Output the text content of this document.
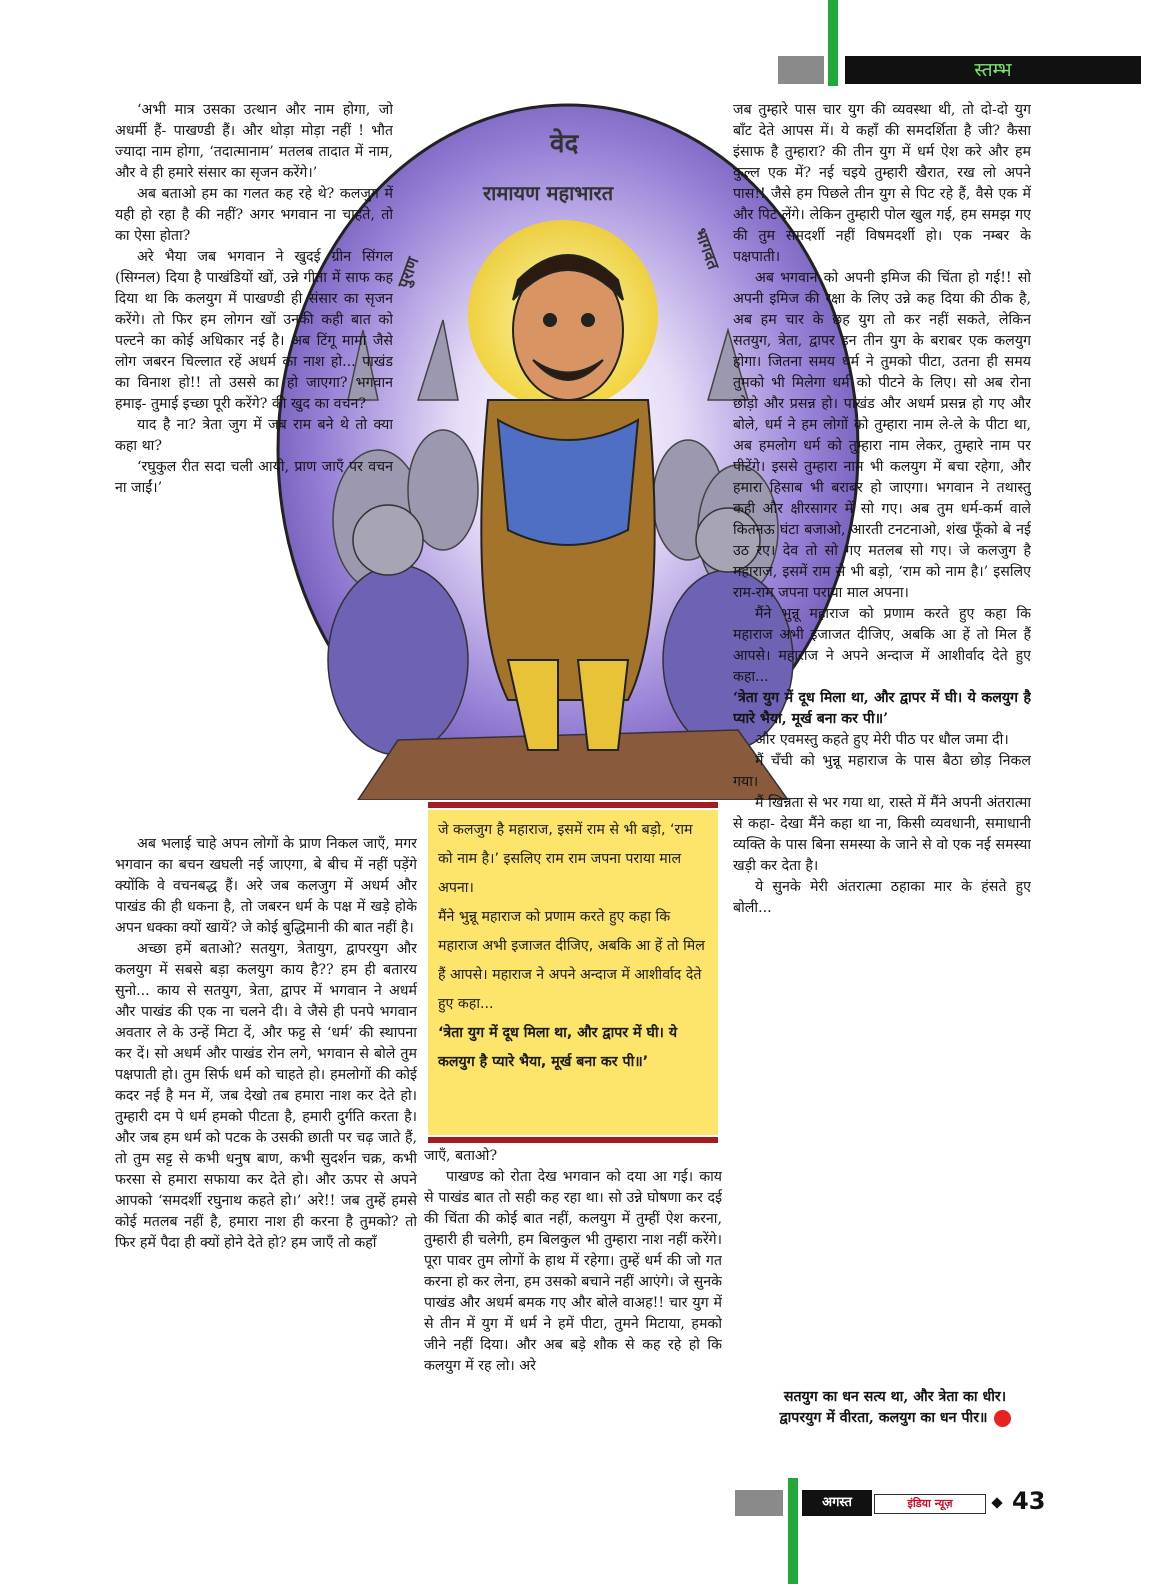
स्तम्भ
अगस्त 2017
इंडिया न्यूज़	43
वेद
रामायण महाभारत
पुराण
भागवत

‘अभी मात्र उसका उत्थान और नाम होगा, जो अधर्मी हैं- पाखण्डी हैं। और थोड़ा मोड़ा नहीं ! भौत ज्यादा नाम होगा, ‘तदात्मानाम’ मतलब तादात में नाम, और वे ही हमारे संसार का सृजन करेंगे।’

अब बताओ हम का गलत कह रहे थे? कलजुग में यही हो रहा है की नहीं? अगर भगवान ना चाहते, तो का ऐसा होता?

अरे भैया जब भगवान ने खुदई ग्रीन सिंगल (सिग्नल) दिया है पाखंडियों खों, उन्ने गीता में साफ कह दिया था कि कलयुग में पाखण्डी ही संसार का सृजन करेंगे। तो फिर हम लोगन खों उनकी कही बात को पल्टने का कोई अधिकार नई है। अब टिंगू मामा जैसे लोग जबरन चिल्लात रहें अधर्म का नाश हो... पाखंड का विनाश हो!! तो उससे का हो जाएगा? भगवान हमाइ- तुमाई इच्छा पूरी करेंगे? की खुद का वचन?

याद है ना? त्रेता जुग में जब राम बने थे तो क्या कहा था?

‘रघुकुल रीत सदा चली आयी, प्राण जाएँ पर वचन ना जाईं।’

अब भलाई चाहे अपन लोगों के प्राण निकल जाएँ, मगर भगवान का बचन खघली नई जाएगा, बे बीच में नहीं पड़ेंगे क्योंकि वे वचनबद्ध हैं। अरे जब कलजुग में अधर्म और पाखंड की ही धकना है, तो जबरन धर्म के पक्ष में खड़े होके अपन धक्का क्यों खायें? जे कोई बुद्धिमानी की बात नहीं है।

अच्छा हमें बताओ? सतयुग, त्रेतायुग, द्वापरयुग और कलयुग में सबसे बड़ा कलयुग काय है?? हम ही बतारय सुनो... काय से सतयुग, त्रेता, द्वापर में भगवान ने अधर्म और पाखंड की एक ना चलने दी। वे जैसे ही पनपे भगवान अवतार ले के उन्हें मिटा दें, और फट्ट से ‘धर्म’ की स्थापना कर दें। सो अधर्म और पाखंड रोन लगे, भगवान से बोले तुम पक्षपाती हो। तुम सिर्फ धर्म को चाहते हो। हमलोगों की कोई कदर नई है मन में, जब देखो तब हमारा नाश कर देते हो। तुम्हारी दम पे धर्म हमको पीटता है, हमारी दुर्गति करता है। और जब हम धर्म को पटक के उसकी छाती पर चढ़ जाते हैं, तो तुम सट्ट से कभी धनुष बाण, कभी सुदर्शन चक्र, कभी फरसा से हमारा सफाया कर देते हो। और ऊपर से अपने आपको ‘समदर्शी रघुनाथ कहते हो।’ अरे!! जब तुम्हें हमसे कोई मतलब नहीं है, हमारा नाश ही करना है तुमको? तो फिर हमें पैदा ही क्यों होने देते हो? हम जाएँ तो कहाँ

जाएँ, बताओ?

पाखण्ड को रोता देख भगवान को दया आ गई। काय से पाखंड बात तो सही कह रहा था। सो उन्ने घोषणा कर दई की चिंता की कोई बात नहीं, कलयुग में तुम्हीं ऐश करना, तुम्हारी ही चलेगी, हम बिलकुल भी तुम्हारा नाश नहीं करेंगे। पूरा पावर तुम लोगों के हाथ में रहेगा। तुम्हें धर्म की जो गत करना हो कर लेना, हम उसको बचाने नहीं आएंगे। जे सुनके पाखंड और अधर्म बमक गए और बोले वाअह!! चार युग में से तीन में युग में धर्म ने हमें पीटा, तुमने मिटाया, हमको जीने नहीं दिया। और अब बड़े शौक से कह रहे हो कि कलयुग में रह लो। अरे

जब तुम्हारे पास चार युग की व्यवस्था थी, तो दो-दो युग बाँट देते आपस में। ये कहाँ की समदर्शिता है जी? कैसा इंसाफ है तुम्हारा? की तीन युग में धर्म ऐश करे और हम कुल्ल एक में? नई चइये तुम्हारी खैरात, रख लो अपने पास!! जैसे हम पिछले तीन युग से पिट रहे हैं, वैसे एक में और पिट लेंगे। लेकिन तुम्हारी पोल खुल गई, हम समझ गए की तुम समदर्शी नहीं विषमदर्शी हो। एक नम्बर के पक्षपाती।

अब भगवान को अपनी इमिज की चिंता हो गई!! सो अपनी इमिज की रक्षा के लिए उन्ने कह दिया की ठीक है, अब हम चार के छह युग तो कर नहीं सकते, लेकिन सतयुग, त्रेता, द्वापर इन तीन युग के बराबर एक कलयुग होगा। जितना समय धर्म ने तुमको पीटा, उतना ही समय तुमको भी मिलेगा धर्म को पीटने के लिए। सो अब रोना छोड़ो और प्रसन्न हो। पाखंड और अधर्म प्रसन्न हो गए और बोले, धर्म ने हम लोगों को तुम्हारा नाम ले-ले के पीटा था, अब हमलोग धर्म को तुम्हारा नाम लेकर, तुम्हारे नाम पर पीटेंगे। इससे तुम्हारा नाम भी कलयुग में बचा रहेगा, और हमारा हिसाब भी बराबर हो जाएगा। भगवान ने तथास्तु कही और क्षीरसागर में सो गए। अब तुम धर्म-कर्म वाले कितनऊ घंटा बजाओ, आरती टनटनाओ, शंख फूँको बे नई उठ रए। देव तो सो गए मतलब सो गए। जे कलजुग है महाराज, इसमें राम से भी बड़ो, ‘राम को नाम है।’ इसलिए राम-राम जपना पराया माल अपना।

मैंने भुन्नू महाराज को प्रणाम करते हुए कहा कि महाराज अभी इजाजत दीजिए, अबकि आ हें तो मिल हैं आपसे। महाराज ने अपने अन्दाज में आशीर्वाद देते हुए कहा...

‘त्रेता युग में दूध मिला था, और द्वापर में घी। ये कलयुग है प्यारे भैया, मूर्ख बना कर पी॥’

और एवमस्तु कहते हुए मेरी पीठ पर धौल जमा दी।

मैं चँची को भुन्नू महाराज के पास बैठा छोड़ निकल गया।

मैं खिन्नता से भर गया था, रास्ते में मैंने अपनी अंतरात्मा से कहा- देखा मैंने कहा था ना, किसी व्यवधानी, समाधानी व्यक्ति के पास बिना समस्या के जाने से वो एक नई समस्या खड़ी कर देता है।

ये सुनके मेरी अंतरात्मा ठहाका मार के हंसते हुए बोली...

सतयुग का धन सत्य था, और त्रेता का धीर।

द्वापरयुग में वीरता, कलयुग का धन पीर॥

जे कलजुग है महाराज, इसमें राम से भी बड़ो, ‘राम को नाम है।’ इसलिए राम राम जपना पराया माल अपना।

मैंने भुन्नू महाराज को प्रणाम करते हुए कहा कि महाराज अभी इजाजत दीजिए, अबकि आ हें तो मिल हैं आपसे। महाराज ने अपने अन्दाज में आशीर्वाद देते हुए कहा...

‘त्रेता युग में दूध मिला था, और द्वापर में घी। ये कलयुग है प्यारे भैया, मूर्ख बना कर पी॥’
